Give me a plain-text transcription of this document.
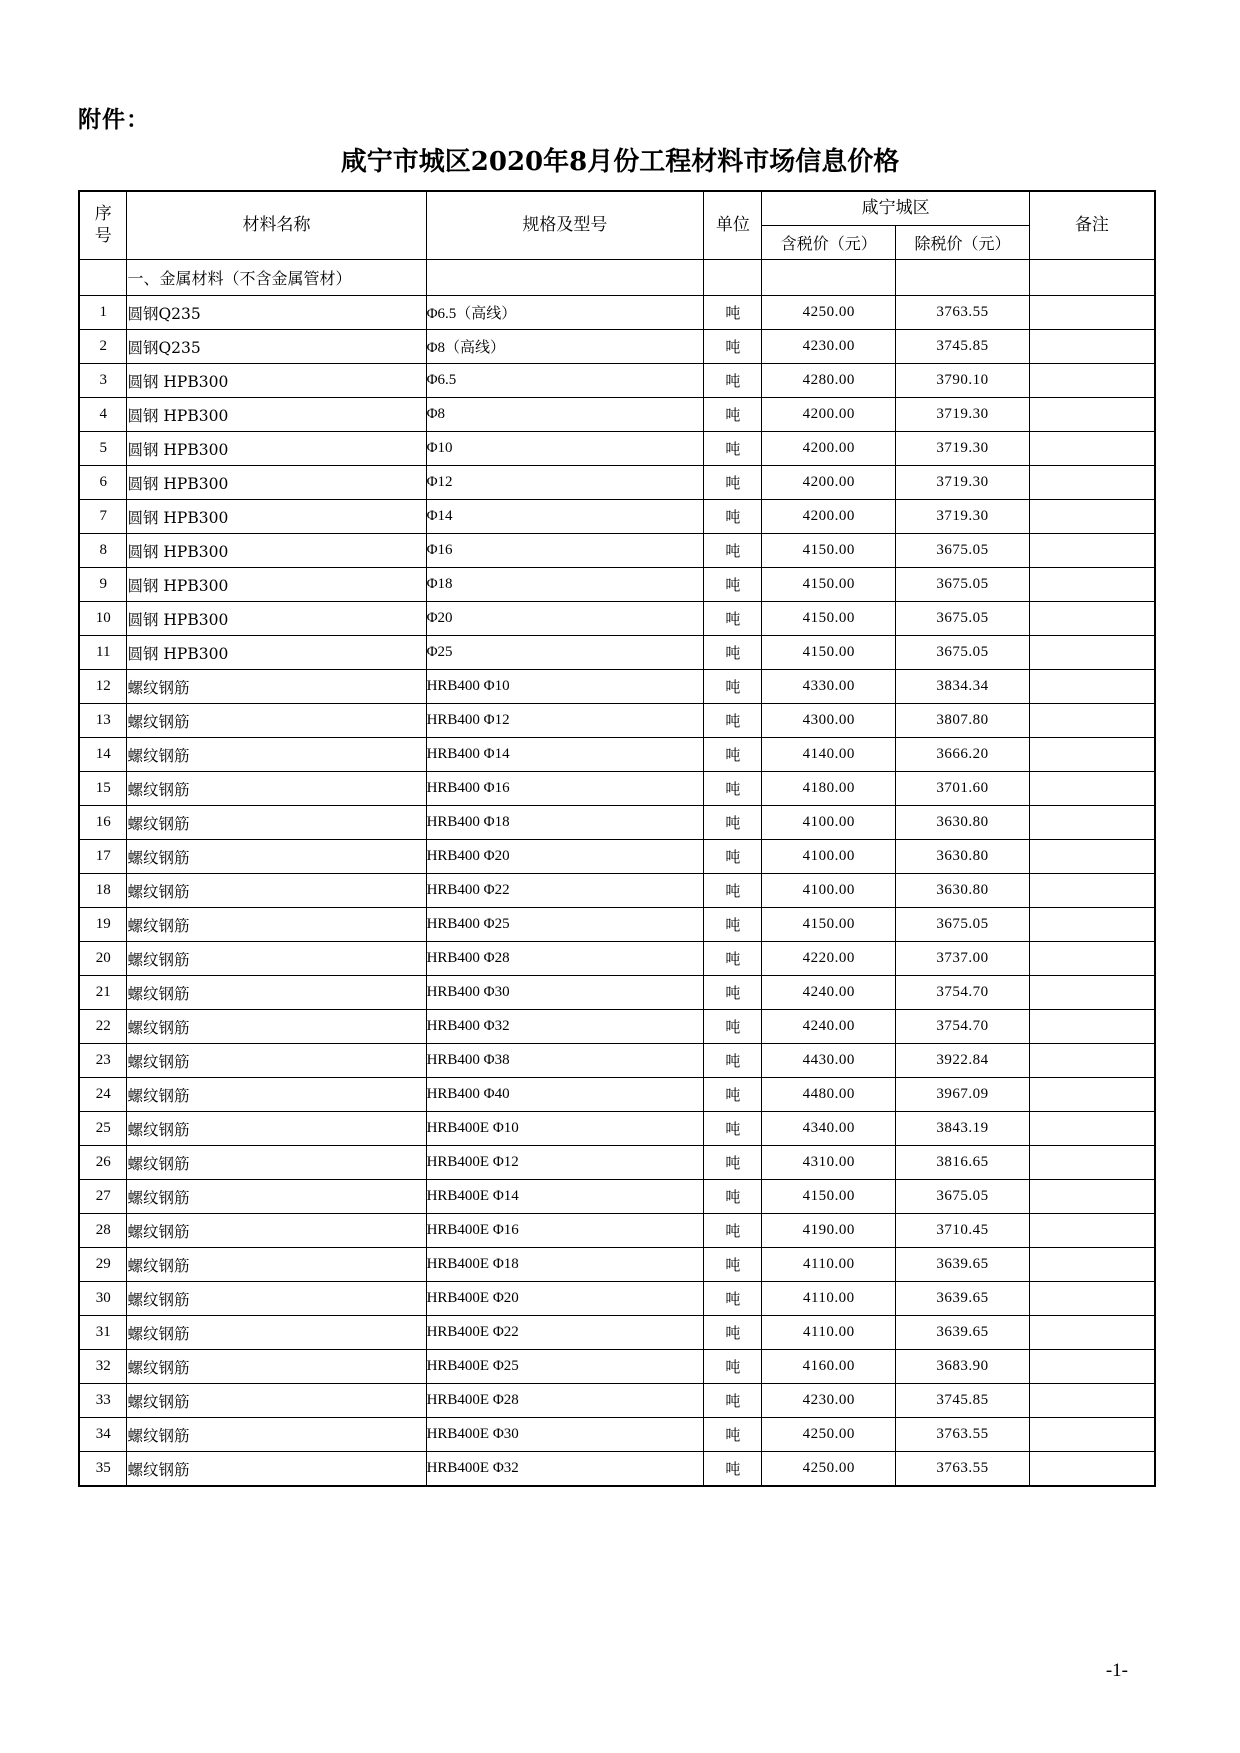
附件：
咸宁市城区2020年8月份工程材料市场信息价格
序
号	材料名称	规格及型号	单位	咸宁城区		备注
				含税价（元）	除税价（元）	
	一、金属材料（不含金属管材）					
1	圆钢Q235	Φ6.5（高线）	吨	4250.00	3763.55	
2	圆钢Q235	Φ8（高线）	吨	4230.00	3745.85	
3	圆钢 HPB300	Φ6.5	吨	4280.00	3790.10	
4	圆钢 HPB300	Φ8	吨	4200.00	3719.30	
5	圆钢 HPB300	Φ10	吨	4200.00	3719.30	
6	圆钢 HPB300	Φ12	吨	4200.00	3719.30	
7	圆钢 HPB300	Φ14	吨	4200.00	3719.30	
8	圆钢 HPB300	Φ16	吨	4150.00	3675.05	
9	圆钢 HPB300	Φ18	吨	4150.00	3675.05	
10	圆钢 HPB300	Φ20	吨	4150.00	3675.05	
11	圆钢 HPB300	Φ25	吨	4150.00	3675.05	
12	螺纹钢筋	HRB400 Φ10	吨	4330.00	3834.34	
13	螺纹钢筋	HRB400 Φ12	吨	4300.00	3807.80	
14	螺纹钢筋	HRB400 Φ14	吨	4140.00	3666.20	
15	螺纹钢筋	HRB400 Φ16	吨	4180.00	3701.60	
16	螺纹钢筋	HRB400 Φ18	吨	4100.00	3630.80	
17	螺纹钢筋	HRB400 Φ20	吨	4100.00	3630.80	
18	螺纹钢筋	HRB400 Φ22	吨	4100.00	3630.80	
19	螺纹钢筋	HRB400 Φ25	吨	4150.00	3675.05	
20	螺纹钢筋	HRB400 Φ28	吨	4220.00	3737.00	
21	螺纹钢筋	HRB400 Φ30	吨	4240.00	3754.70	
22	螺纹钢筋	HRB400 Φ32	吨	4240.00	3754.70	
23	螺纹钢筋	HRB400 Φ38	吨	4430.00	3922.84	
24	螺纹钢筋	HRB400 Φ40	吨	4480.00	3967.09	
25	螺纹钢筋	HRB400E Φ10	吨	4340.00	3843.19	
26	螺纹钢筋	HRB400E Φ12	吨	4310.00	3816.65	
27	螺纹钢筋	HRB400E Φ14	吨	4150.00	3675.05	
28	螺纹钢筋	HRB400E Φ16	吨	4190.00	3710.45	
29	螺纹钢筋	HRB400E Φ18	吨	4110.00	3639.65	
30	螺纹钢筋	HRB400E Φ20	吨	4110.00	3639.65	
31	螺纹钢筋	HRB400E Φ22	吨	4110.00	3639.65	
32	螺纹钢筋	HRB400E Φ25	吨	4160.00	3683.90	
33	螺纹钢筋	HRB400E Φ28	吨	4230.00	3745.85	
34	螺纹钢筋	HRB400E Φ30	吨	4250.00	3763.55	
35	螺纹钢筋	HRB400E Φ32	吨	4250.00	3763.55	
-1-
